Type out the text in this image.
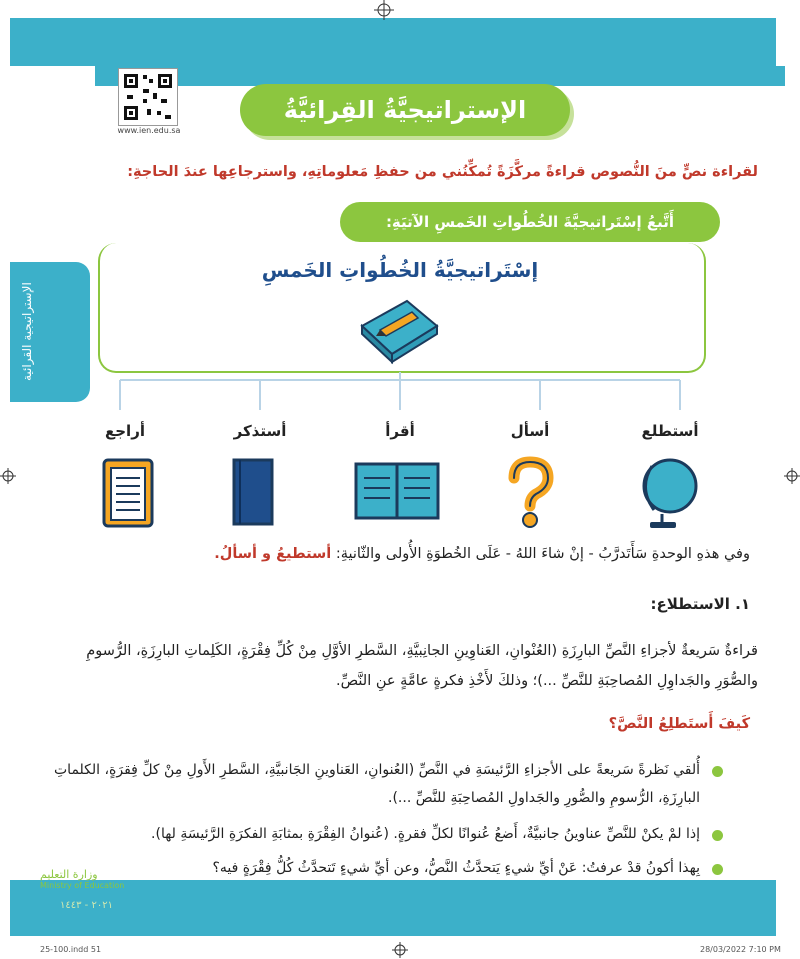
الإستراتيجية القرائية
www.ien.edu.sa
الإستراتيجيَّةُ القِرائيَّةُ
لقراءة نصٍّ منَ النُّصوص قراءةً مركَّزَةً تُمكِّنُني من حفظِ مَعلوماتِهِ، واسترجاعِها عندَ الحاجةِ:
أَتَّبعُ إسْتَراتيجيَّةَ الخُطُواتِ الخَمسِ الآتيَةِ:
إسْتَراتيجيَّةُ الخُطُواتِ الخَمسِ
أستطلع
أسأل
أقرأ
أستذكر
أراجع
وفي هذهِ الوحدةِ سَأَتَدرَّبُ - إنْ شاءَ اللهُ - عَلَى الخُطوَةِ الأُولى والثّانيةِ: أستطيعُ و أسألُ.
١. الاستطلاع:
قراءةٌ سَريعةٌ لأجزاءِ النَّصِّ البارِزَةِ (العُنْوانِ، العَناوِينِ الجانِبيَّةِ، السَّطرِ الأوَّلِ مِنْ كُلِّ فِقْرَةٍ، الكَلِماتِ البارِزَةِ، الرُّسومِ والصُّوَرِ والجَداوِلِ المُصاحِبَةِ للنَّصِّ ...)؛ وذلكَ لأَخْذِ فكرةٍ عامَّةٍ عنِ النَّصِّ.
كَيفَ أَستَطلِعُ النَّصَّ؟
أُلقي نَظرةً سَريعةً على الأجزاءِ الرَّئيسَةِ في النَّصِّ (العُنوانِ، العَناوينِ الجَانبيَّةِ، السَّطرِ الأَولِ مِنْ كلِّ فِقرَةٍ، الكلماتِ البارِزَةِ، الرُّسومِ والصُّورِ والجَداولِ المُصاحِبَةِ للنَّصِّ ...).
إذا لمْ يكنْ للنَّصِّ عناوينُ جانبيَّةٌ، أَضعُ عُنوانًا لكلِّ فقرةٍ. (عُنوانُ الفِقْرَةِ بمثابَةِ الفكرَةِ الرَّئيسَةِ لها).
بِهذا أكونُ قدْ عرفتُ: عَنْ أيِّ شيءٍ يَتحدَّثُ النَّصُّ، وعن أيِّ شيءٍ تَتحدَّثُ كُلُّ فِقْرَةٍ فيه؟
وزارة التعليم
Ministry of Education
٢٠٢١ - ١٤٤٣
25-100.indd 51	28/03/2022 7:10 PM
